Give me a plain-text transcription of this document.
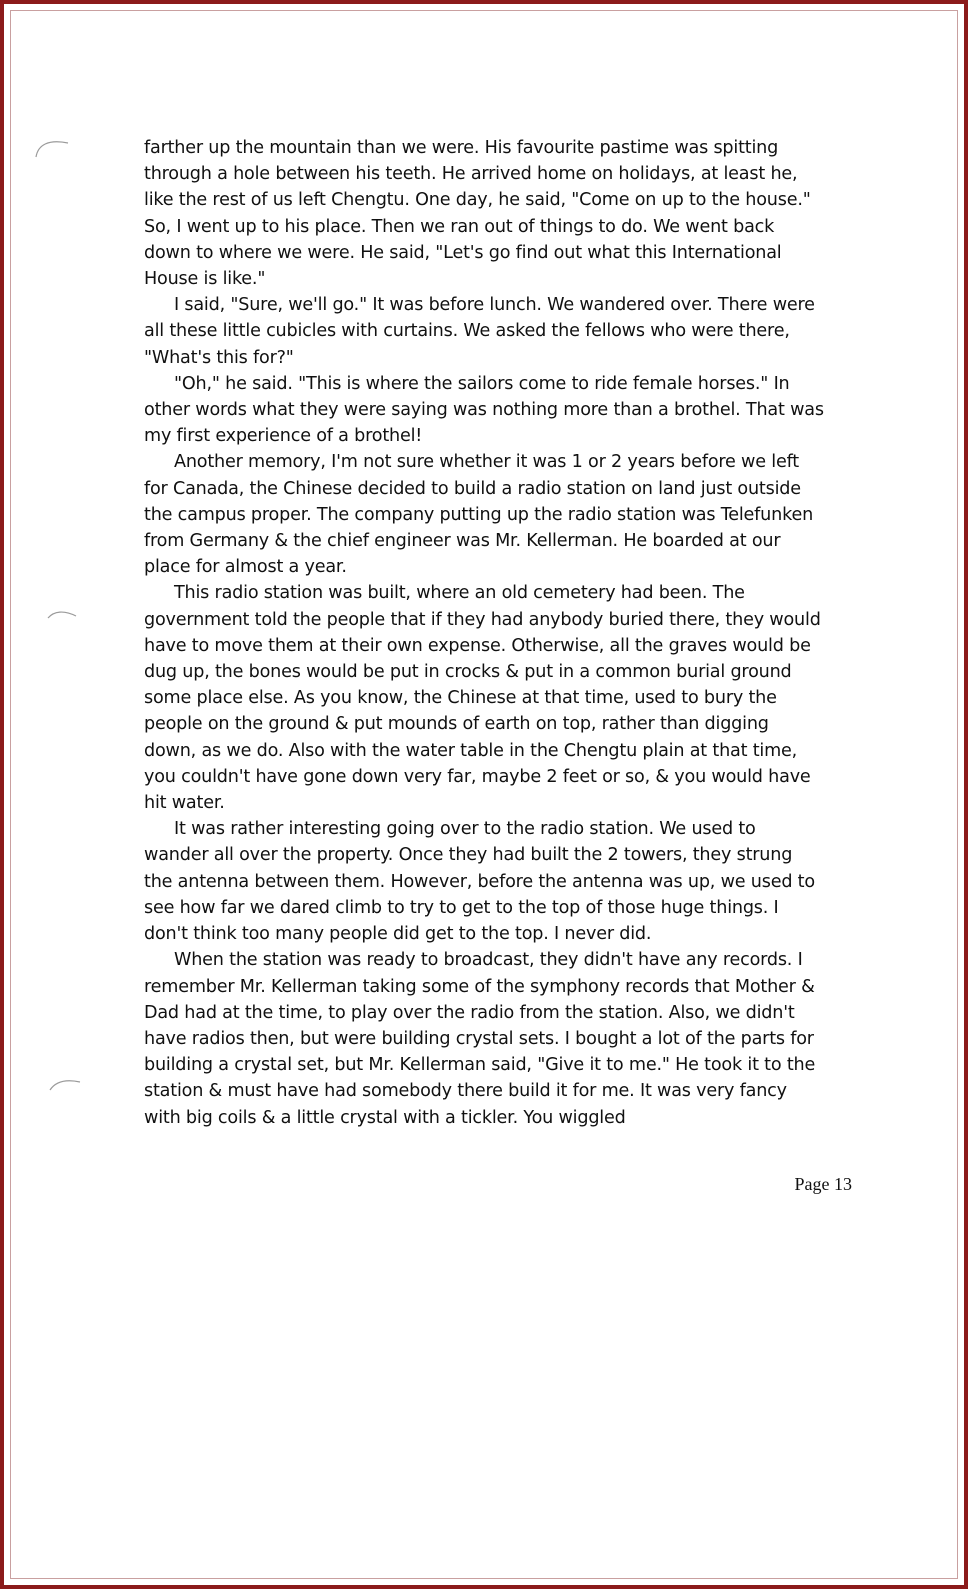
farther up the mountain than we were. His favourite pastime was spitting through a hole between his teeth. He arrived home on holidays, at least he, like the rest of us left Chengtu. One day, he said, "Come on up to the house." So, I went up to his place. Then we ran out of things to do. We went back down to where we were. He said, "Let's go find out what this International House is like."

I said, "Sure, we'll go." It was before lunch. We wandered over. There were all these little cubicles with curtains. We asked the fellows who were there, "What's this for?"

"Oh," he said. "This is where the sailors come to ride female horses." In other words what they were saying was nothing more than a brothel. That was my first experience of a brothel!

Another memory, I'm not sure whether it was 1 or 2 years before we left for Canada, the Chinese decided to build a radio station on land just outside the campus proper. The company putting up the radio station was Telefunken from Germany & the chief engineer was Mr. Kellerman. He boarded at our place for almost a year.

This radio station was built, where an old cemetery had been. The government told the people that if they had anybody buried there, they would have to move them at their own expense. Otherwise, all the graves would be dug up, the bones would be put in crocks & put in a common burial ground some place else. As you know, the Chinese at that time, used to bury the people on the ground & put mounds of earth on top, rather than digging down, as we do. Also with the water table in the Chengtu plain at that time, you couldn't have gone down very far, maybe 2 feet or so, & you would have hit water.

It was rather interesting going over to the radio station. We used to wander all over the property. Once they had built the 2 towers, they strung the antenna between them. However, before the antenna was up, we used to see how far we dared climb to try to get to the top of those huge things. I don't think too many people did get to the top. I never did.

When the station was ready to broadcast, they didn't have any records. I remember Mr. Kellerman taking some of the symphony records that Mother & Dad had at the time, to play over the radio from the station. Also, we didn't have radios then, but were building crystal sets. I bought a lot of the parts for building a crystal set, but Mr. Kellerman said, "Give it to me." He took it to the station & must have had somebody there build it for me. It was very fancy with big coils & a little crystal with a tickler. You wiggled

Page 13
